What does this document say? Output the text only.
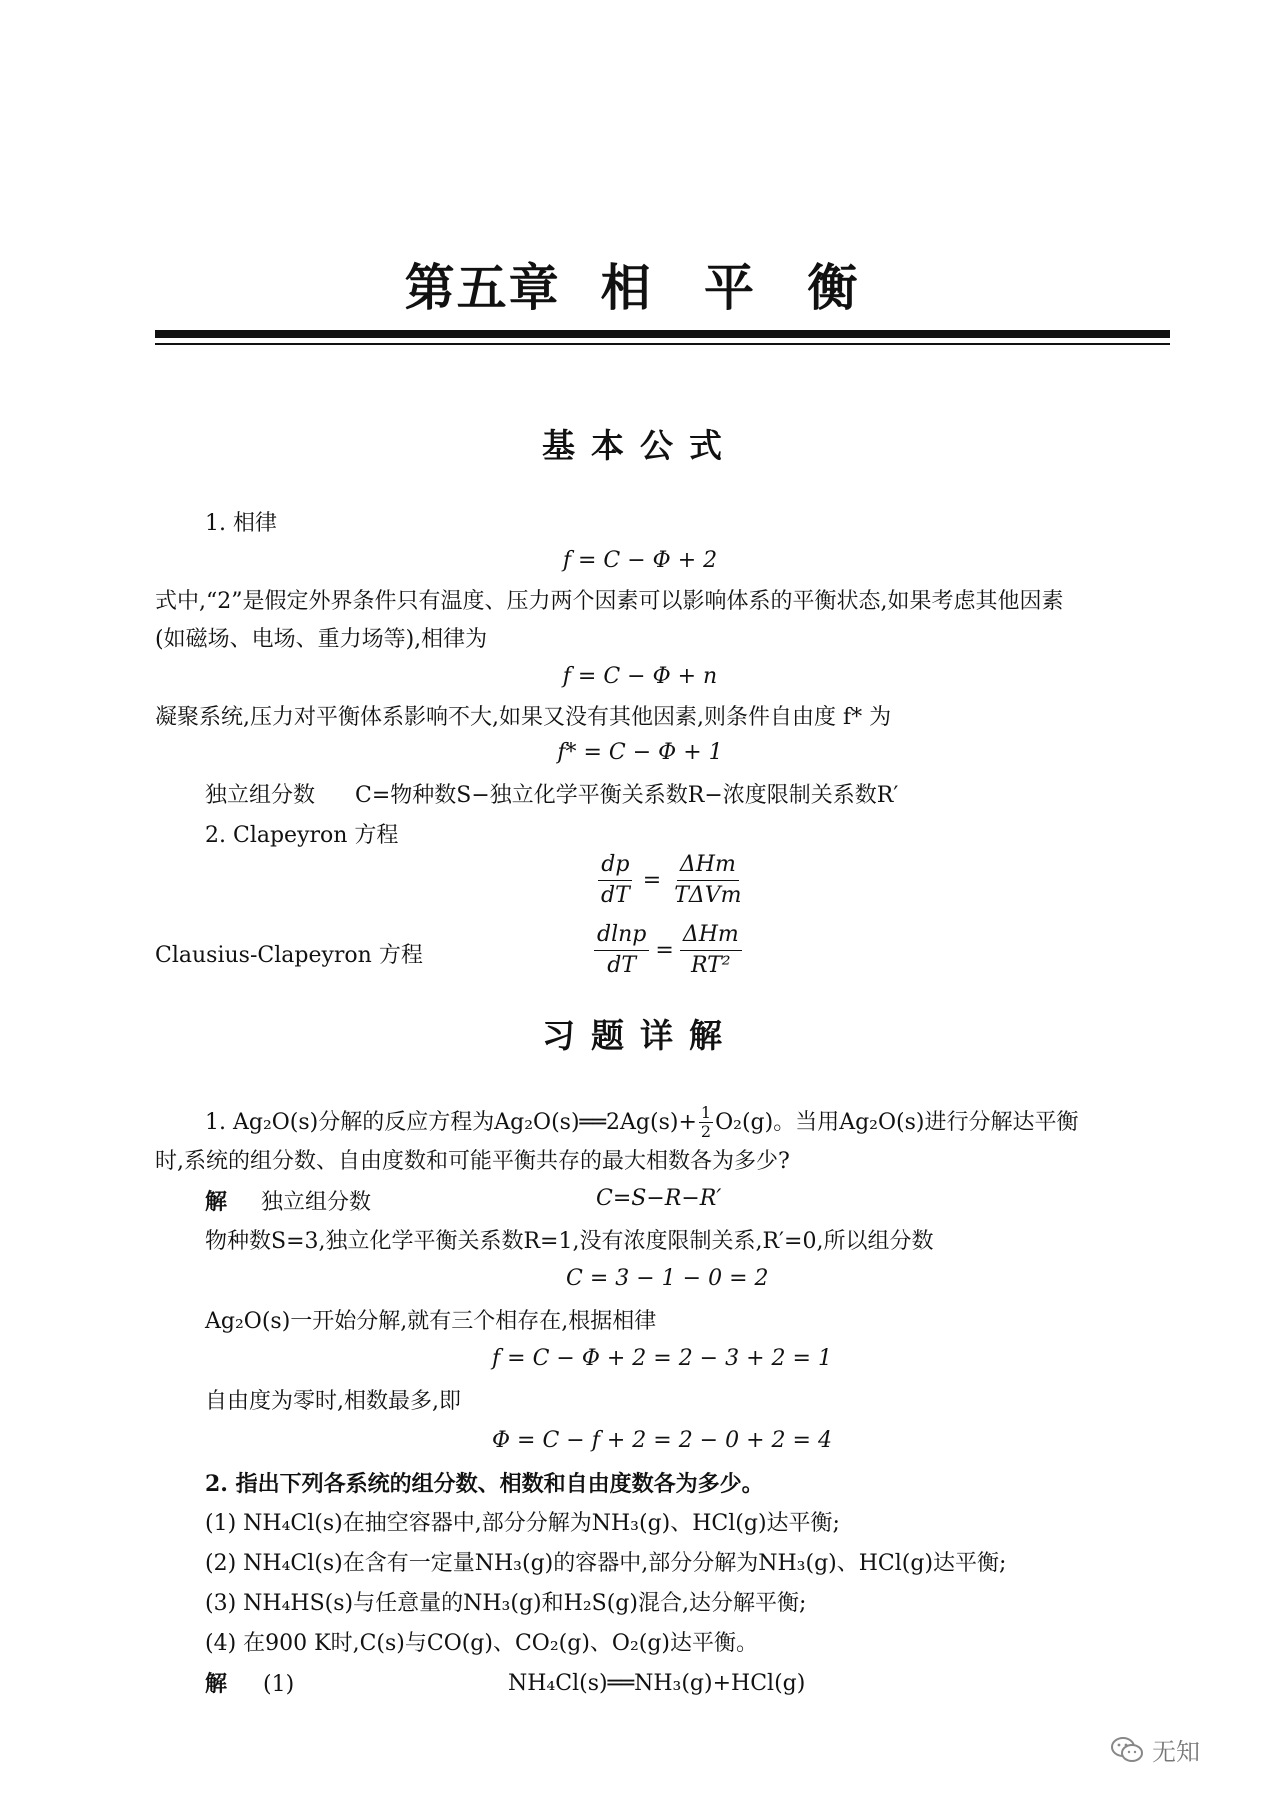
第五章 相 平 衡
基本公式
1. 相律
f = C − Φ + 2
式中,“2”是假定外界条件只有温度、压力两个因素可以影响体系的平衡状态,如果考虑其他因素
(如磁场、电场、重力场等),相律为
f = C − Φ + n
凝聚系统,压力对平衡体系影响不大,如果又没有其他因素,则条件自由度 f* 为
f* = C − Φ + 1
独立组分数 C=物种数S−独立化学平衡关系数R−浓度限制关系数R′
2. Clapeyron 方程
$\frac{dp}{dT} = \frac{\text{ΔHm}}{\text{TΔVm}}$
Clausius-Clapeyron 方程	$\frac{dlnp}{dT} = \frac{\text{ΔHm}}{\text{RT²}}$
习题详解
1. Ag₂O(s)分解的反应方程为Ag₂O(s)══2Ag(s)+ $\frac{1}{2} O_2(g)$。当用Ag₂O(s)进行分解达平衡
时,系统的组分数、自由度数和可能平衡共存的最大相数各为多少?
解 独立组分数	C=S−R−R′
物种数S=3,独立化学平衡关系数R=1,没有浓度限制关系,R′=0,所以组分数
C = 3 − 1 − 0 = 2
Ag₂O(s)一开始分解,就有三个相存在,根据相律
f = C − Φ + 2 = 2 − 3 + 2 = 1
自由度为零时,相数最多,即
Φ = C − f + 2 = 2 − 0 + 2 = 4
2. 指出下列各系统的组分数、相数和自由度数各为多少。
(1) NH₄Cl(s)在抽空容器中,部分分解为NH₃(g)、HCl(g)达平衡;
(2) NH₄Cl(s)在含有一定量NH₃(g)的容器中,部分分解为NH₃(g)、HCl(g)达平衡;
(3) NH₄HS(s)与任意量的NH₃(g)和H₂S(g)混合,达分解平衡;
(4) 在900 K时,C(s)与CO(g)、CO₂(g)、O₂(g)达平衡。
解 (1)	NH₄Cl(s)══NH₃(g)+HCl(g)
无知
